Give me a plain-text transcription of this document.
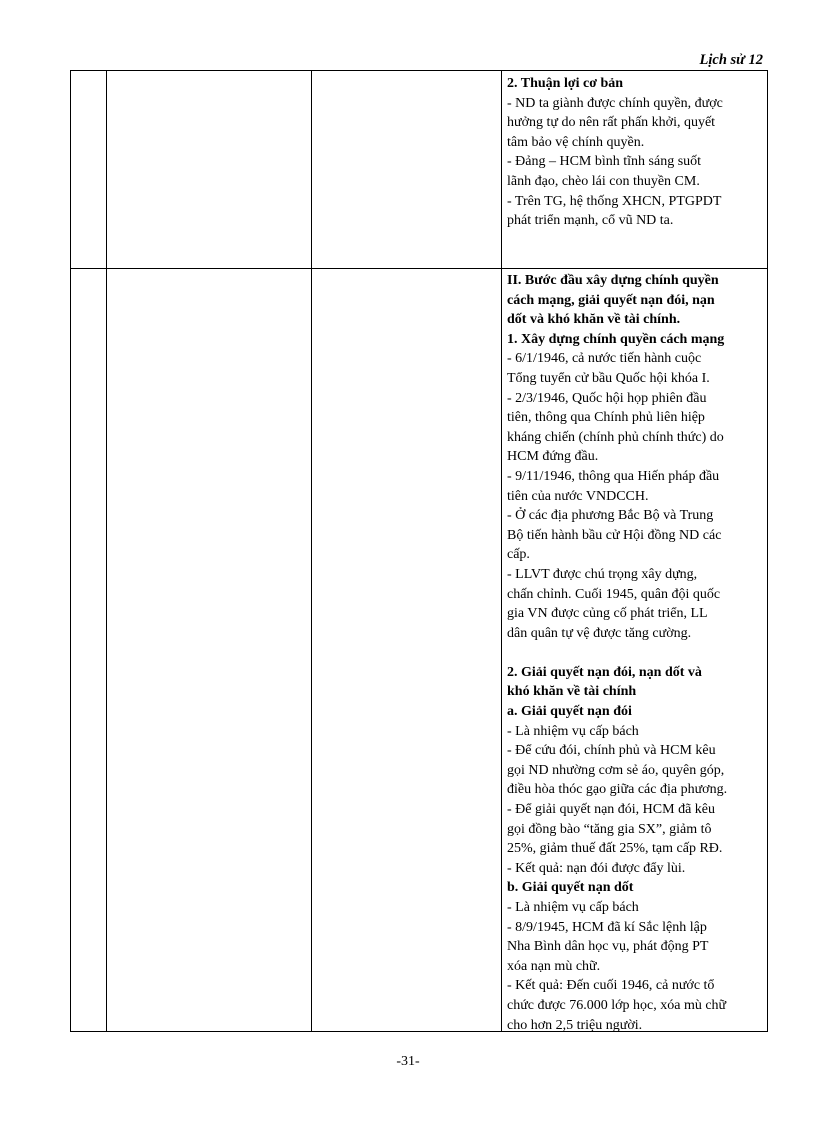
Lịch sử 12
2. Thuận lợi cơ bản
- ND ta giành được chính quyền, được
hưởng tự do nên rất phấn khởi, quyết
tâm bảo vệ chính quyền.
- Đảng – HCM bình tĩnh sáng suốt
lãnh đạo, chèo lái con thuyền CM.
- Trên TG, hệ thống XHCN, PTGPDT
phát triển mạnh, cổ vũ ND ta.
II. Bước đầu xây dựng chính quyền
cách mạng, giải quyết nạn đói, nạn
dốt và khó khăn về tài chính.
1. Xây dựng chính quyền cách mạng
- 6/1/1946, cả nước tiến hành cuộc
Tổng tuyển cử bầu Quốc hội khóa I.
- 2/3/1946, Quốc hội họp phiên đầu
tiên, thông qua Chính phủ liên hiệp
kháng chiến (chính phủ chính thức) do
HCM đứng đầu.
- 9/11/1946, thông qua Hiến pháp đầu
tiên của nước VNDCCH.
- Ở các địa phương Bắc Bộ và Trung
Bộ tiến hành bầu cử Hội đồng ND các
cấp.
- LLVT được chú trọng xây dựng,
chấn chỉnh. Cuối 1945, quân đội quốc
gia VN được củng cố phát triển, LL
dân quân tự vệ được tăng cường.

2. Giải quyết nạn đói, nạn dốt và
khó khăn về tài chính
a. Giải quyết nạn đói
- Là nhiệm vụ cấp bách
- Để cứu đói, chính phủ và HCM kêu
gọi ND nhường cơm sẻ áo, quyên góp,
điều hòa thóc gạo giữa các địa phương.
- Để giải quyết nạn đói, HCM đã kêu
gọi đồng bào “tăng gia SX”, giảm tô
25%, giảm thuế đất 25%, tạm cấp RĐ.
- Kết quả: nạn đói được đẩy lùi.
b. Giải quyết nạn dốt
- Là nhiệm vụ cấp bách
- 8/9/1945, HCM đã kí Sắc lệnh lập
Nha Bình dân học vụ, phát động PT
xóa nạn mù chữ.
- Kết quả: Đến cuối 1946, cả nước tổ
chức được 76.000 lớp học, xóa mù chữ
cho hơn 2,5 triệu người.
-31-
